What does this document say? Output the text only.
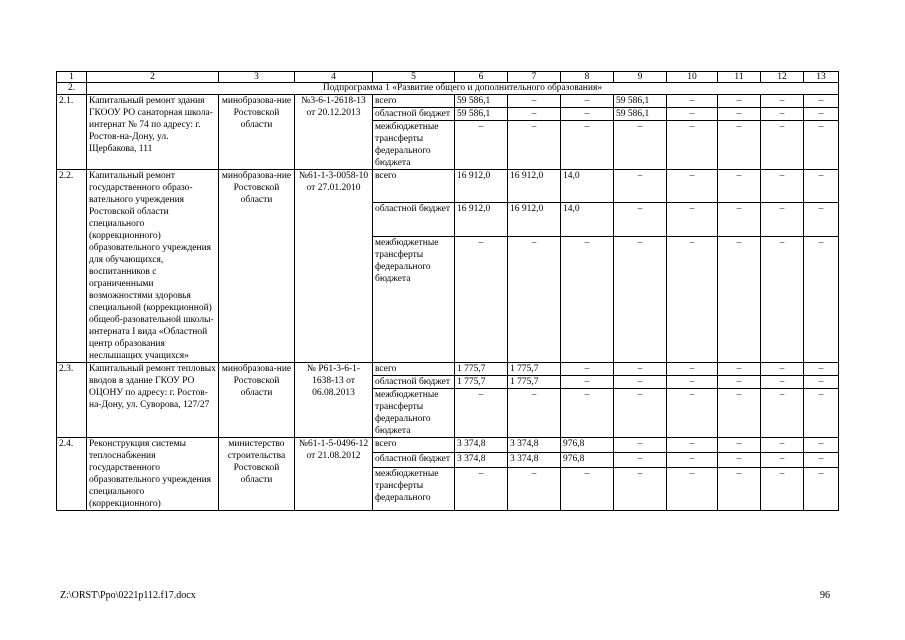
1	2	3	4	5	6	7	8	9	10	11	12	13
2.	Подпрограмма 1 «Развитие общего и дополнительного образования»											
2.1.	Капитальный ремонт здания ГКООУ РО санаторная школа-интернат № 74 по адресу: г. Ростов-на-Дону, ул. Щербакова, 111	минобразова-ние Ростовской области	№3-6-1-2618-13 от 20.12.2013	всего	59 586,1	–	–	59 586,1	–	–	–	–
				областной бюджет	59 586,1	–	–	59 586,1	–	–	–	–
				межбюджетные трансферты федерального бюджета	–	–	–	–	–	–	–	–
2.2.	Капитальный ремонт государственного образо-вательного учреждения Ростовской области специального (коррекционного) образовательного учреждения для обучающихся, воспитанников с ограниченными возможностями здоровья специальной (коррекционной) общеоб-разовательной школы-интерната I вида «Областной центр образования неслышащих учащихся»	минобразова-ние Ростовской области	№61-1-3-0058-10 от 27.01.2010	всего	16 912,0	16 912,0	14,0	–	–	–	–	–
				областной бюджет	16 912,0	16 912,0	14,0	–	–	–	–	–
				межбюджетные трансферты федерального бюджета	–	–	–	–	–	–	–	–
2.3.	Капитальный ремонт тепловых вводов в здание ГКОУ РО ОЦОНУ по адресу: г. Ростов-на-Дону, ул. Суворова, 127/27	минобразова-ние Ростовской области	№ Р61-3-6-1-1638-13 от 06.08.2013	всего	1 775,7	1 775,7	–	–	–	–	–	–
				областной бюджет	1 775,7	1 775,7	–	–	–	–	–	–
				межбюджетные трансферты федерального бюджета	–	–	–	–	–	–	–	–
2.4.	Реконструкция системы теплоснабжения государственного образовательного учреждения специального (коррекционного)	министерство строительства Ростовской области	№61-1-5-0496-12 от 21.08.2012	всего	3 374,8	3 374,8	976,8	–	–	–	–	–
				областной бюджет	3 374,8	3 374,8	976,8	–	–	–	–	–
				межбюджетные трансферты федерального	–	–	–	–	–	–	–	–
Z:\ORST\Ppo\0221p112.f17.docx	96
